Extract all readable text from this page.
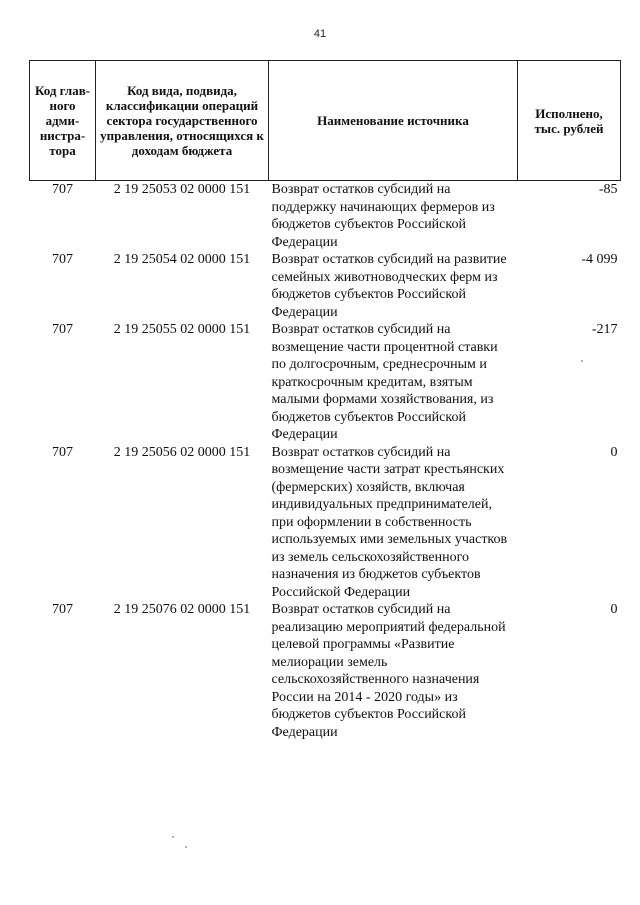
41
Код глав-ного адми-нистра-тора	Код вида, подвида, классификации операций сектора государственного управления, относящихся к доходам бюджета	Наименование источника	Исполнено, тыс. рублей
707	2 19 25053 02 0000 151	Возврат остатков субсидий на поддержку начинающих фермеров из бюджетов субъектов Российской Федерации	-85
707	2 19 25054 02 0000 151	Возврат остатков субсидий на развитие семейных животноводческих ферм из бюджетов субъектов Российской Федерации	-4 099
707	2 19 25055 02 0000 151	Возврат остатков субсидий на возмещение части процентной ставки по долгосрочным, среднесрочным и краткосрочным кредитам, взятым малыми формами хозяйствования, из бюджетов субъектов Российской Федерации	-217
707	2 19 25056 02 0000 151	Возврат остатков субсидий на возмещение части затрат крестьянских (фермерских) хозяйств, включая индивидуальных предпринимателей, при оформлении в собственность используемых ими земельных участков из земель сельскохозяйственного назначения из бюджетов субъектов Российской Федерации	0
707	2 19 25076 02 0000 151	Возврат остатков субсидий на реализацию мероприятий федеральной целевой программы «Развитие мелиорации земель сельскохозяйственного назначения России на 2014 - 2020 годы» из бюджетов субъектов Российской Федерации	0
